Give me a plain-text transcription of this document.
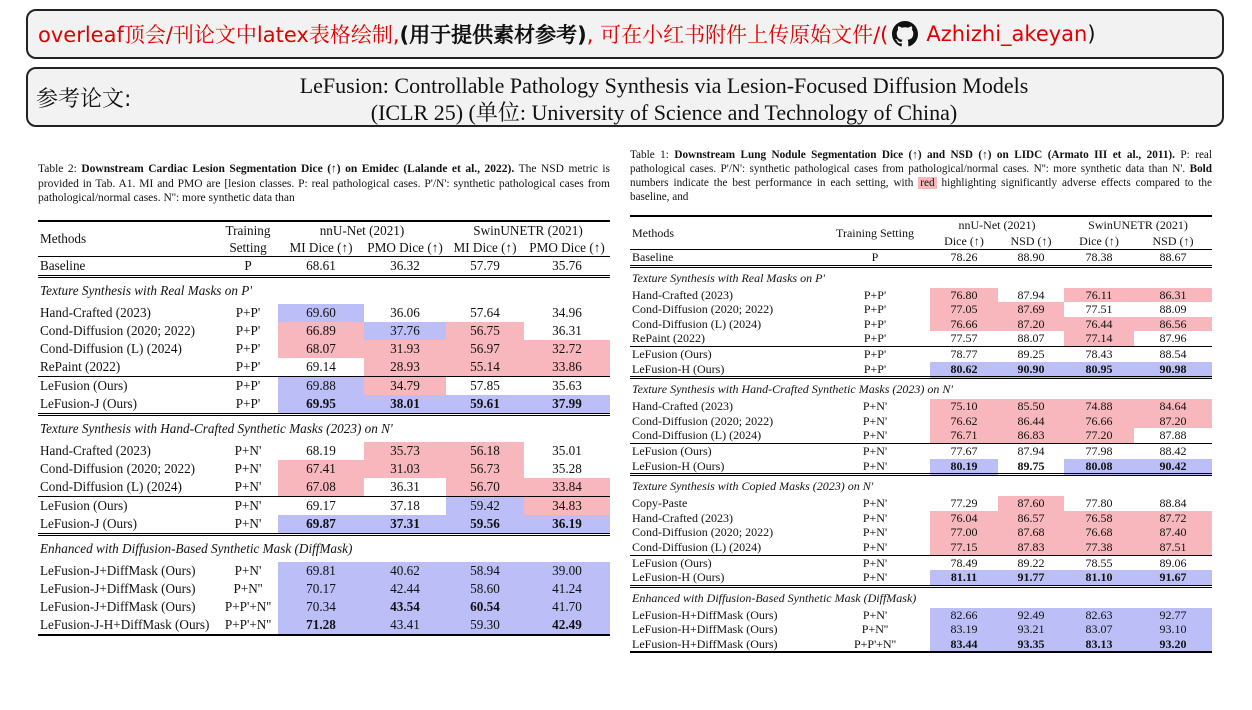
overleaf顶会/刊论文中latex表格绘制, (用于提供素材参考) , 可在小红书附件上传原始文件/( Azhizhi_akeyan )
参考论文:
LeFusion: Controllable Pathology Synthesis via Lesion-Focused Diffusion Models
(ICLR 25) (单位: University of Science and Technology of China)
Table 2: Downstream Cardiac Lesion Segmentation Dice (↑) on Emidec (Lalande et al., 2022). The NSD metric is provided in Tab. A1. MI and PMO are [lesion classes. P: real pathological cases. P'/N': synthetic pathological cases from pathological/normal cases. N'': more synthetic data than
Methods	Training	nnU-Net (2021)		SwinUNETR (2021)	
	Setting	MI Dice (↑)	PMO Dice (↑)	MI Dice (↑)	PMO Dice (↑)
Baseline	P	68.61	36.32	57.79	35.76
Texture Synthesis with Real Masks on P'					
Hand-Crafted (2023)	P+P'	69.60	36.06	57.64	34.96
Cond-Diffusion (2020; 2022)	P+P'	66.89	37.76	56.75	36.31
Cond-Diffusion (L) (2024)	P+P'	68.07	31.93	56.97	32.72
RePaint (2022)	P+P'	69.14	28.93	55.14	33.86
LeFusion (Ours)	P+P'	69.88	34.79	57.85	35.63
LeFusion-J (Ours)	P+P'	69.95	38.01	59.61	37.99
Texture Synthesis with Hand-Crafted Synthetic Masks (2023) on N'					
Hand-Crafted (2023)	P+N'	68.19	35.73	56.18	35.01
Cond-Diffusion (2020; 2022)	P+N'	67.41	31.03	56.73	35.28
Cond-Diffusion (L) (2024)	P+N'	67.08	36.31	56.70	33.84
LeFusion (Ours)	P+N'	69.17	37.18	59.42	34.83
LeFusion-J (Ours)	P+N'	69.87	37.31	59.56	36.19
Enhanced with Diffusion-Based Synthetic Mask (DiffMask)					
LeFusion-J+DiffMask (Ours)	P+N'	69.81	40.62	58.94	39.00
LeFusion-J+DiffMask (Ours)	P+N''	70.17	42.44	58.60	41.24
LeFusion-J+DiffMask (Ours)	P+P'+N''	70.34	43.54	60.54	41.70
LeFusion-J-H+DiffMask (Ours)	P+P'+N''	71.28	43.41	59.30	42.49
Table 1: Downstream Lung Nodule Segmentation Dice (↑) and NSD (↑) on LIDC (Armato III et al., 2011). P: real pathological cases. P'/N': synthetic pathological cases from pathological/normal cases. N'': more synthetic data than N'. Bold numbers indicate the best performance in each setting, with red highlighting significantly adverse effects compared to the baseline, and
Methods	Training Setting	nnU-Net (2021)		SwinUNETR (2021)	
		Dice (↑)	NSD (↑)	Dice (↑)	NSD (↑)
Baseline	P	78.26	88.90	78.38	88.67
Texture Synthesis with Real Masks on P'					
Hand-Crafted (2023)	P+P'	76.80	87.94	76.11	86.31
Cond-Diffusion (2020; 2022)	P+P'	77.05	87.69	77.51	88.09
Cond-Diffusion (L) (2024)	P+P'	76.66	87.20	76.44	86.56
RePaint (2022)	P+P'	77.57	88.07	77.14	87.96
LeFusion (Ours)	P+P'	78.77	89.25	78.43	88.54
LeFusion-H (Ours)	P+P'	80.62	90.90	80.95	90.98
Texture Synthesis with Hand-Crafted Synthetic Masks (2023) on N'					
Hand-Crafted (2023)	P+N'	75.10	85.50	74.88	84.64
Cond-Diffusion (2020; 2022)	P+N'	76.62	86.44	76.66	87.20
Cond-Diffusion (L) (2024)	P+N'	76.71	86.83	77.20	87.88
LeFusion (Ours)	P+N'	77.67	87.94	77.98	88.42
LeFusion-H (Ours)	P+N'	80.19	89.75	80.08	90.42
Texture Synthesis with Copied Masks (2023) on N'					
Copy-Paste	P+N'	77.29	87.60	77.80	88.84
Hand-Crafted (2023)	P+N'	76.04	86.57	76.58	87.72
Cond-Diffusion (2020; 2022)	P+N'	77.00	87.68	76.68	87.40
Cond-Diffusion (L) (2024)	P+N'	77.15	87.83	77.38	87.51
LeFusion (Ours)	P+N'	78.49	89.22	78.55	89.06
LeFusion-H (Ours)	P+N'	81.11	91.77	81.10	91.67
Enhanced with Diffusion-Based Synthetic Mask (DiffMask)					
LeFusion-H+DiffMask (Ours)	P+N'	82.66	92.49	82.63	92.77
LeFusion-H+DiffMask (Ours)	P+N''	83.19	93.21	83.07	93.10
LeFusion-H+DiffMask (Ours)	P+P'+N''	83.44	93.35	83.13	93.20
